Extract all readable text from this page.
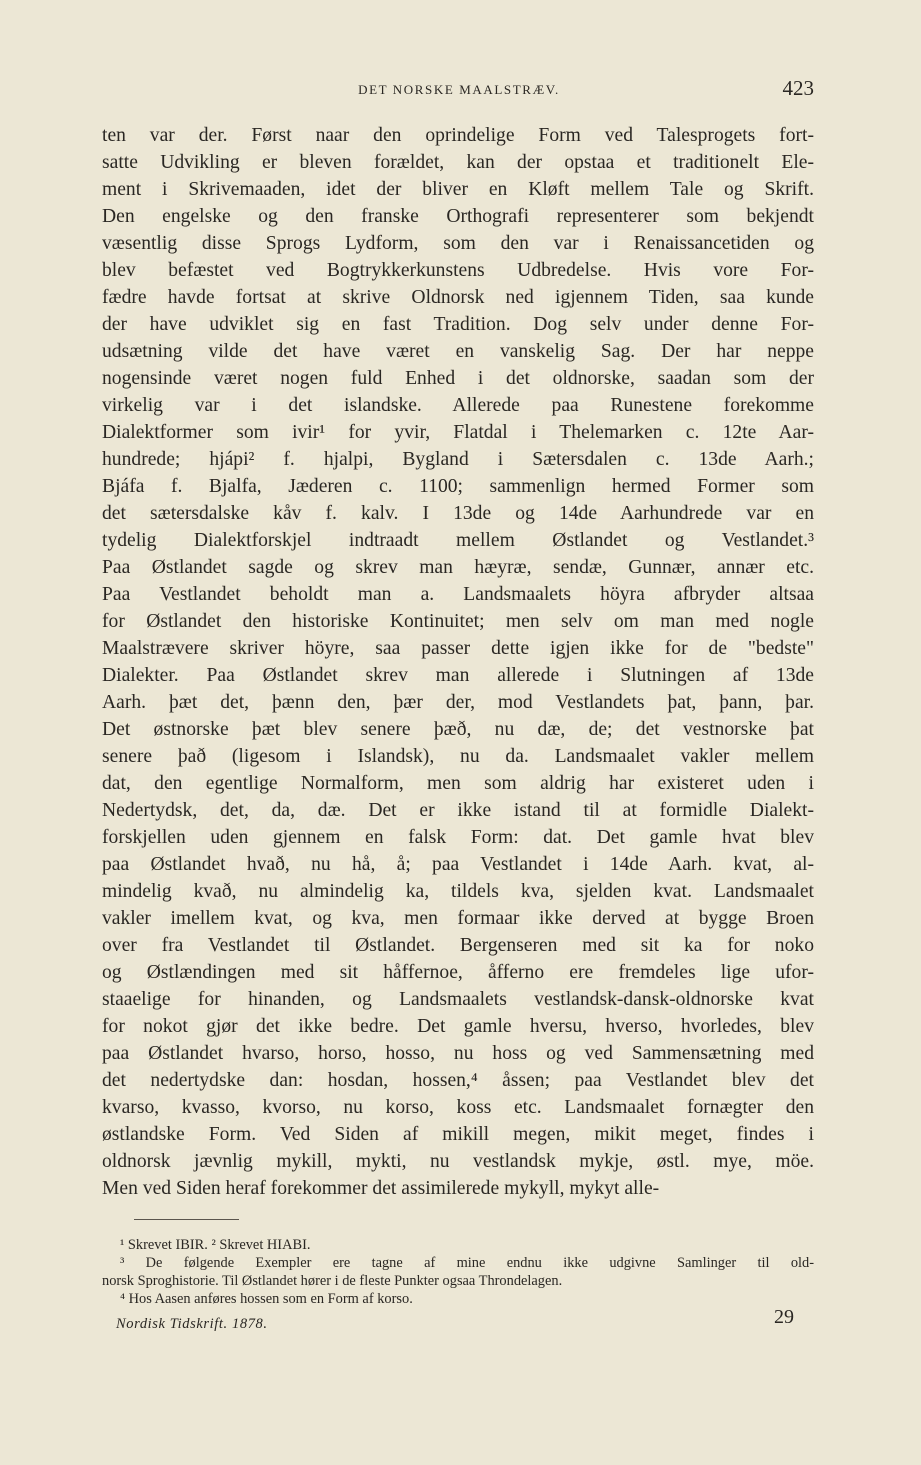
DET NORSKE MAALSTRÆV.	423
ten var der. Først naar den oprindelige Form ved Talesprogets fort-
satte Udvikling er bleven forældet, kan der opstaa et traditionelt Ele-
ment i Skrivemaaden, idet der bliver en Kløft mellem Tale og Skrift.
Den engelske og den franske Orthografi representerer som bekjendt
væsentlig disse Sprogs Lydform, som den var i Renaissancetiden og
blev befæstet ved Bogtrykkerkunstens Udbredelse. Hvis vore For-
fædre havde fortsat at skrive Oldnorsk ned igjennem Tiden, saa kunde
der have udviklet sig en fast Tradition. Dog selv under denne For-
udsætning vilde det have været en vanskelig Sag. Der har neppe
nogensinde været nogen fuld Enhed i det oldnorske, saadan som der
virkelig var i det islandske. Allerede paa Runestene forekomme
Dialektformer som ivir¹ for yvir, Flatdal i Thelemarken c. 12te Aar-
hundrede; hjápi² f. hjalpi, Bygland i Sætersdalen c. 13de Aarh.;
Bjáfa f. Bjalfa, Jæderen c. 1100; sammenlign hermed Former som
det sætersdalske kåv f. kalv. I 13de og 14de Aarhundrede var en
tydelig Dialektforskjel indtraadt mellem Østlandet og Vestlandet.³
Paa Østlandet sagde og skrev man hæyræ, sendæ, Gunnær, annær etc.
Paa Vestlandet beholdt man a. Landsmaalets höyra afbryder altsaa
for Østlandet den historiske Kontinuitet; men selv om man med nogle
Maalstrævere skriver höyre, saa passer dette igjen ikke for de "bedste"
Dialekter. Paa Østlandet skrev man allerede i Slutningen af 13de
Aarh. þæt det, þænn den, þær der, mod Vestlandets þat, þann, þar.
Det østnorske þæt blev senere þæð, nu dæ, de; det vestnorske þat
senere það (ligesom i Islandsk), nu da. Landsmaalet vakler mellem
dat, den egentlige Normalform, men som aldrig har existeret uden i
Nedertydsk, det, da, dæ. Det er ikke istand til at formidle Dialekt-
forskjellen uden gjennem en falsk Form: dat. Det gamle hvat blev
paa Østlandet hvað, nu hå, å; paa Vestlandet i 14de Aarh. kvat, al-
mindelig kvað, nu almindelig ka, tildels kva, sjelden kvat. Landsmaalet
vakler imellem kvat, og kva, men formaar ikke derved at bygge Broen
over fra Vestlandet til Østlandet. Bergenseren med sit ka for noko
og Østlændingen med sit håffernoe, åfferno ere fremdeles lige ufor-
staaelige for hinanden, og Landsmaalets vestlandsk-dansk-oldnorske kvat
for nokot gjør det ikke bedre. Det gamle hversu, hverso, hvorledes, blev
paa Østlandet hvarso, horso, hosso, nu hoss og ved Sammensætning med
det nedertydske dan: hosdan, hossen,⁴ åssen; paa Vestlandet blev det
kvarso, kvasso, kvorso, nu korso, koss etc. Landsmaalet fornægter den
østlandske Form. Ved Siden af mikill megen, mikit meget, findes i
oldnorsk jævnlig mykill, mykti, nu vestlandsk mykje, østl. mye, möe.
Men ved Siden heraf forekommer det assimilerede mykyll, mykyt alle-
¹ Skrevet IBIR. ² Skrevet HIABI.
³ De følgende Exempler ere tagne af mine endnu ikke udgivne Samlinger til old-
norsk Sproghistorie. Til Østlandet hører i de fleste Punkter ogsaa Throndelagen.
⁴ Hos Aasen anføres hossen som en Form af korso.
Nordisk Tidskrift. 1878.	29
